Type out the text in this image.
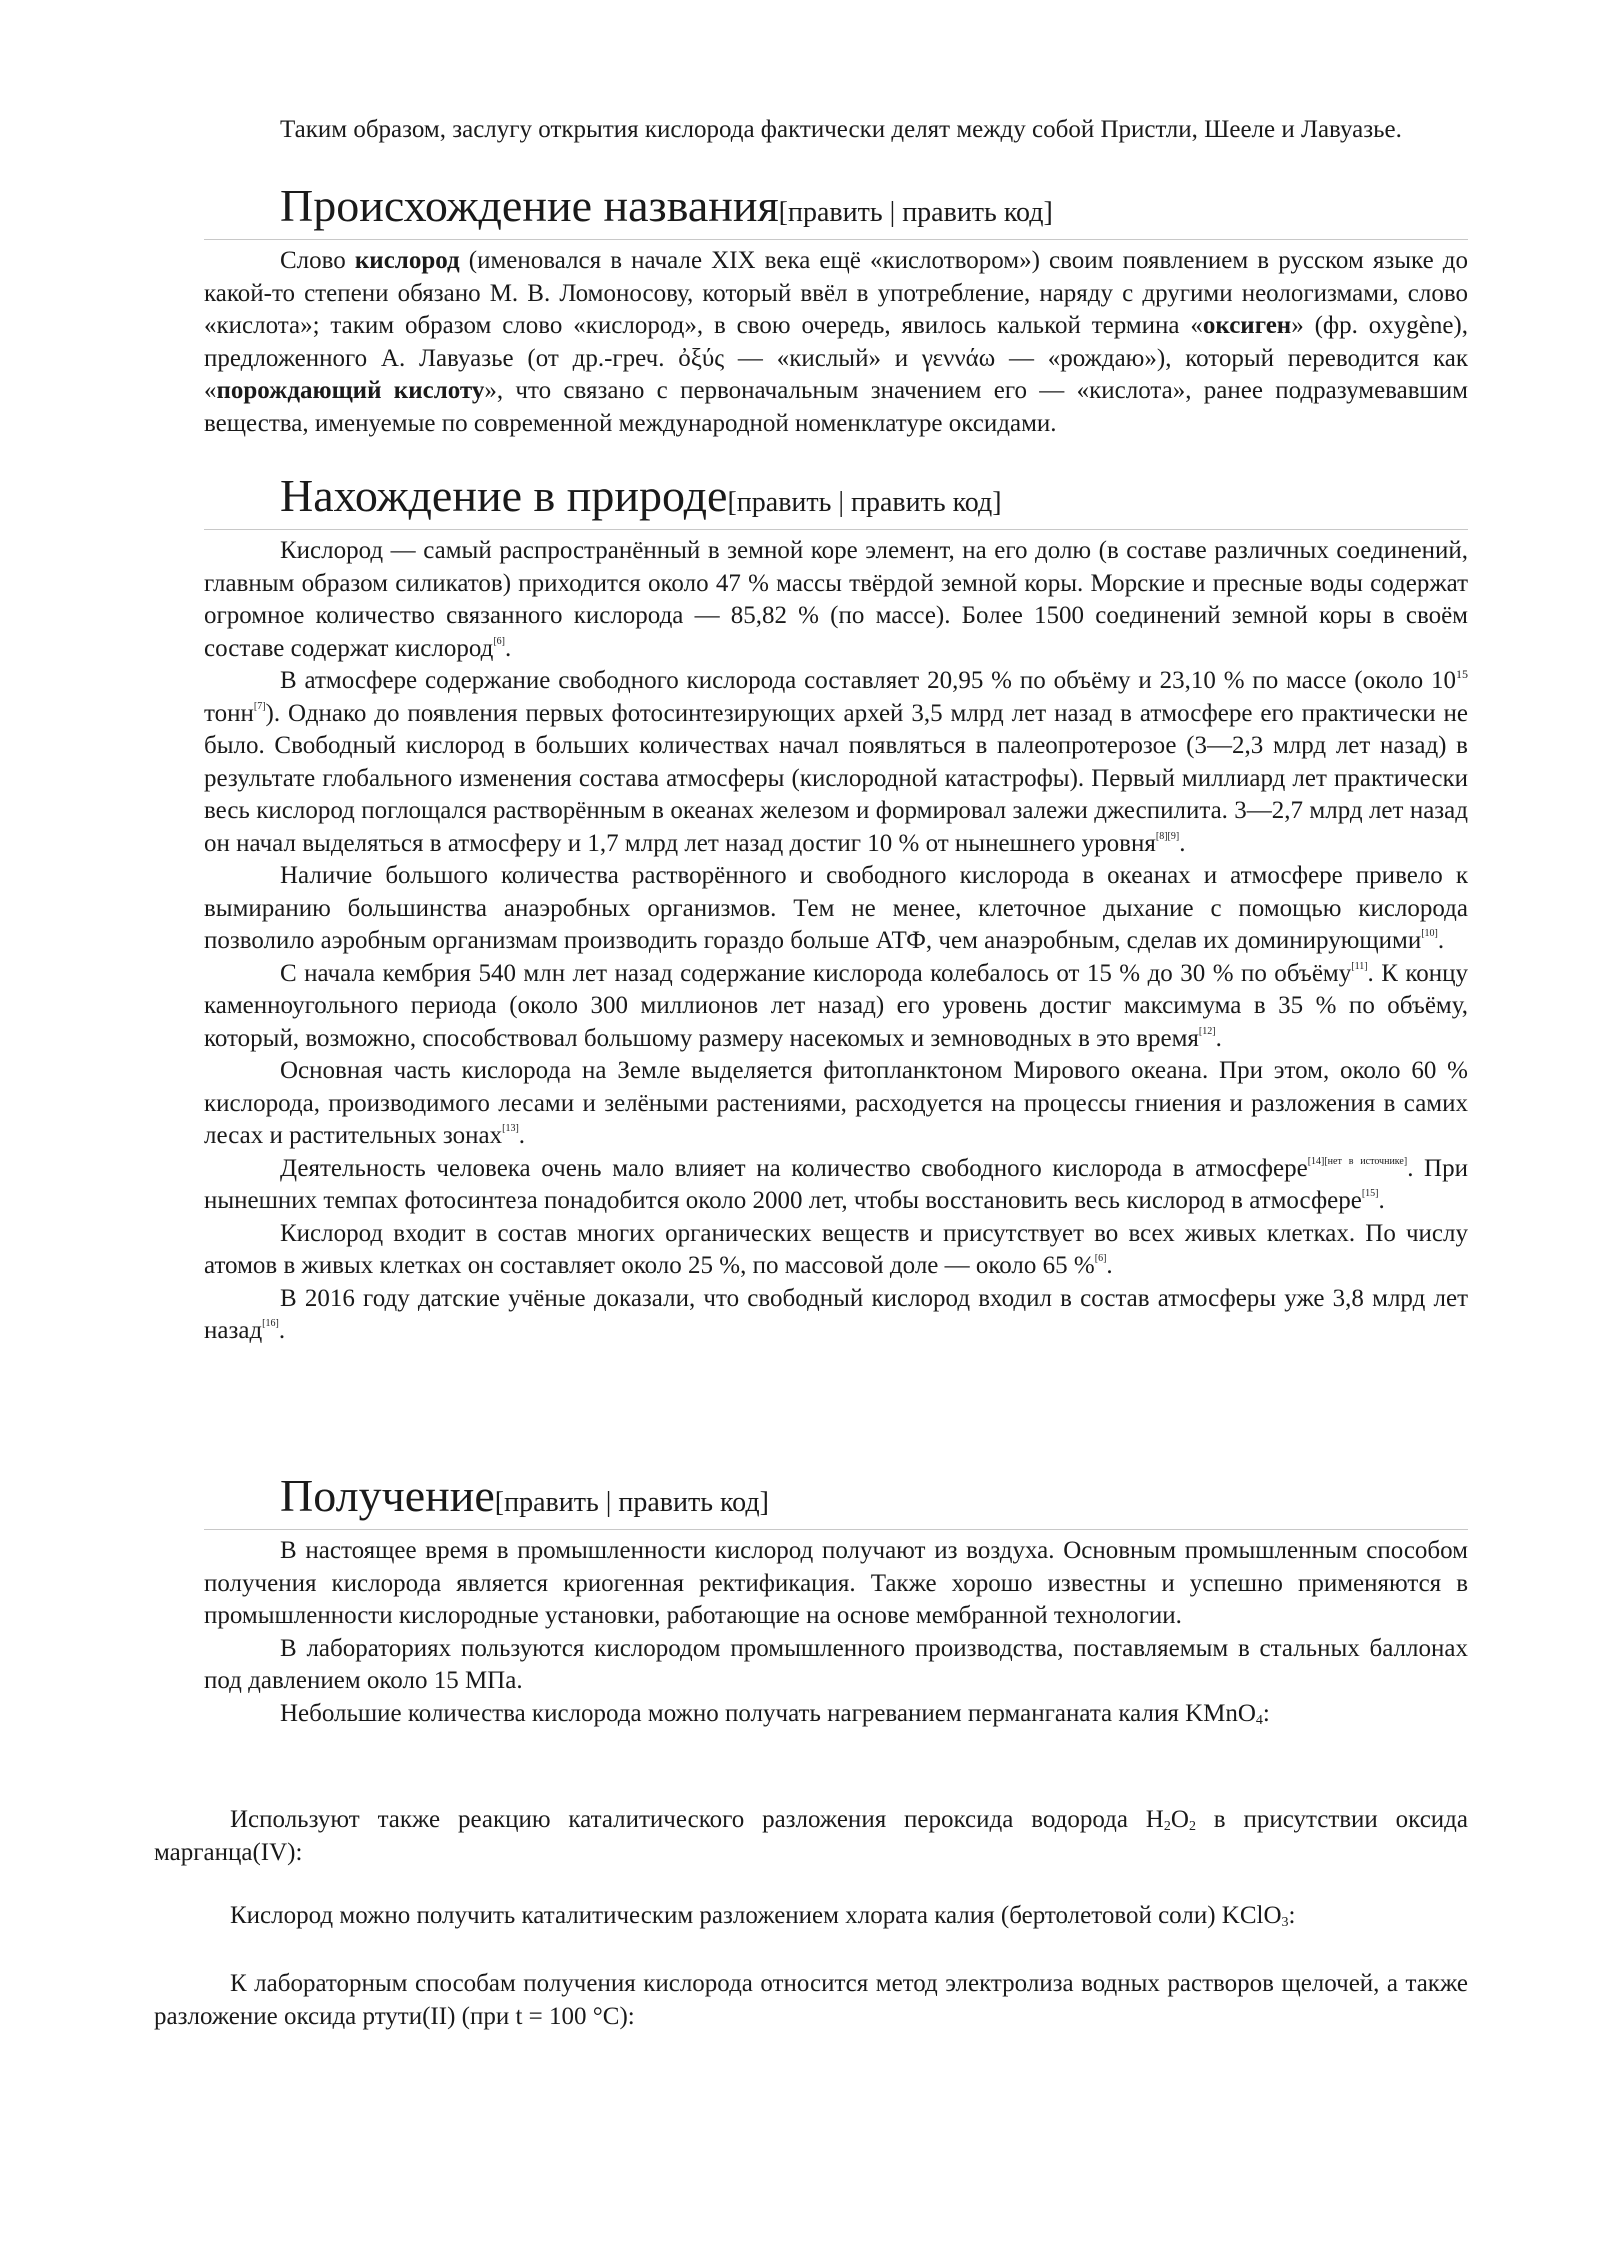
Таким образом, заслугу открытия кислорода фактически делят между собой Пристли, Шееле и Лавуазье.

Происхождение названия[править | править код]

Слово кислород (именовался в начале XIX века ещё «кислотвором») своим появлением в русском языке до какой-то степени обязано М. В. Ломоносову, который ввёл в употребление, наряду с другими неологизмами, слово «кислота»; таким образом слово «кислород», в свою очередь, явилось калькой термина «оксиген» (фр. oxygène), предложенного А. Лавуазье (от др.-греч. ὀξύς — «кислый» и γεννάω — «рождаю»), который переводится как «порождающий кислоту», что связано с первоначальным значением его — «кислота», ранее подразумевавшим вещества, именуемые по современной международной номенклатуре оксидами.

Нахождение в природе[править | править код]

Кислород — самый распространённый в земной коре элемент, на его долю (в составе различных соединений, главным образом силикатов) приходится около 47 % массы твёрдой земной коры. Морские и пресные воды содержат огромное количество связанного кислорода — 85,82 % (по массе). Более 1500 соединений земной коры в своём составе содержат кислород[6].

В атмосфере содержание свободного кислорода составляет 20,95 % по объёму и 23,10 % по массе (около $10^{15}$ тонн[7]). Однако до появления первых фотосинтезирующих архей 3,5 млрд лет назад в атмосфере его практически не было. Свободный кислород в больших количествах начал появляться в палеопротерозое (3—2,3 млрд лет назад) в результате глобального изменения состава атмосферы (кислородной катастрофы). Первый миллиард лет практически весь кислород поглощался растворённым в океанах железом и формировал залежи джеспилита. 3—2,7 млрд лет назад он начал выделяться в атмосферу и 1,7 млрд лет назад достиг 10 % от нынешнего уровня[8][9].

Наличие большого количества растворённого и свободного кислорода в океанах и атмосфере привело к вымиранию большинства анаэробных организмов. Тем не менее, клеточное дыхание с помощью кислорода позволило аэробным организмам производить гораздо больше АТФ, чем анаэробным, сделав их доминирующими[10].

С начала кембрия 540 млн лет назад содержание кислорода колебалось от 15 % до 30 % по объёму[11]. К концу каменноугольного периода (около 300 миллионов лет назад) его уровень достиг максимума в 35 % по объёму, который, возможно, способствовал большому размеру насекомых и земноводных в это время[12].

Основная часть кислорода на Земле выделяется фитопланктоном Мирового океана. При этом, около 60 % кислорода, производимого лесами и зелёными растениями, расходуется на процессы гниения и разложения в самих лесах и растительных зонах[13].

Деятельность человека очень мало влияет на количество свободного кислорода в атмосфере[14][нет в источнике]. При нынешних темпах фотосинтеза понадобится около 2000 лет, чтобы восстановить весь кислород в атмосфере[15].

Кислород входит в состав многих органических веществ и присутствует во всех живых клетках. По числу атомов в живых клетках он составляет около 25 %, по массовой доле — около 65 %[6].

В 2016 году датские учёные доказали, что свободный кислород входил в состав атмосферы уже 3,8 млрд лет назад[16].

Получение[править | править код]

В настоящее время в промышленности кислород получают из воздуха. Основным промышленным способом получения кислорода является криогенная ректификация. Также хорошо известны и успешно применяются в промышленности кислородные установки, работающие на основе мембранной технологии.

В лабораториях пользуются кислородом промышленного производства, поставляемым в стальных баллонах под давлением около 15 МПа.

Небольшие количества кислорода можно получать нагреванием перманганата калия KMnO$_4$:

Используют также реакцию каталитического разложения пероксида водорода $H_2O_2$ в присутствии оксида марганца(IV):

Кислород можно получить каталитическим разложением хлората калия (бертолетовой соли) KClO$_3$:

К лабораторным способам получения кислорода относится метод электролиза водных растворов щелочей, а также разложение оксида ртути(II) (при t = 100 °C):
